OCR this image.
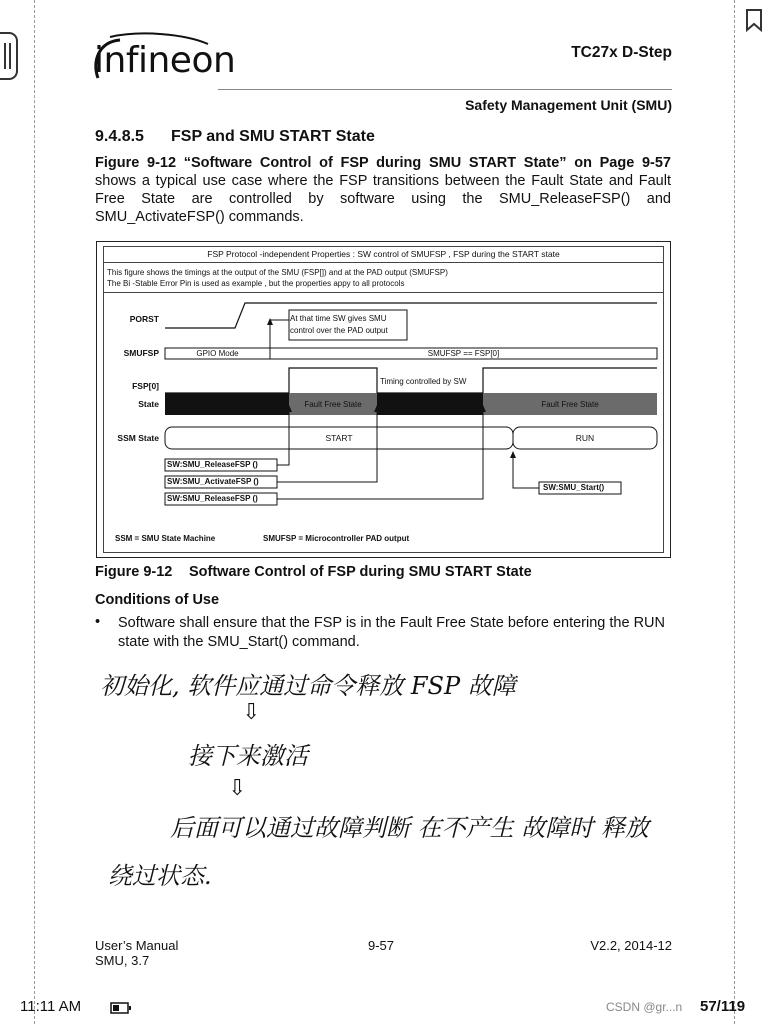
infineon	TC27x D-Step
Safety Management Unit (SMU)
9.4.8.5 FSP and SMU START State
Figure 9-12 “Software Control of FSP during SMU START State” on Page 9-57 shows a typical use case where the FSP transitions between the Fault State and Fault Free State are controlled by software using the SMU_ReleaseFSP() and SMU_ActivateFSP() commands.
FSP Protocol -independent Properties : SW control of SMUFSP , FSP during the START state
This figure shows the timings at the output of the SMU (FSP[]) and at the PAD output (SMUFSP)
The Bi -Stable Error Pin is used as example , but the properties appy to all protocols
PORST
SMUFSP
FSP[0]
State
SSM State
At that time SW gives SMU control over the PAD output
GPIO Mode	SMUFSP == FSP[0]
Timing controlled by SW
Fault Free State	Fault Free State
START	RUN
SW:SMU_ReleaseFSP ()
SW:SMU_ActivateFSP ()
SW:SMU_ReleaseFSP ()
SW:SMU_Start()
SSM = SMU State Machine	SMUFSP = Microcontroller PAD output
Figure 9-12 Software Control of FSP during SMU START State
Conditions of Use
• Software shall ensure that the FSP is in the Fault Free State before entering the RUN state with the SMU_Start() command.
初始化, 软件应通过命令释放 FSP 故障
⇩
接下来激活
⇩
后面可以通过故障判断 在不产生 故障时 释放
绕过状态.
User’s Manual
SMU, 3.7
9-57	V2.2, 2014-12
11:11 AM	CSDN @gr...n 57/119
